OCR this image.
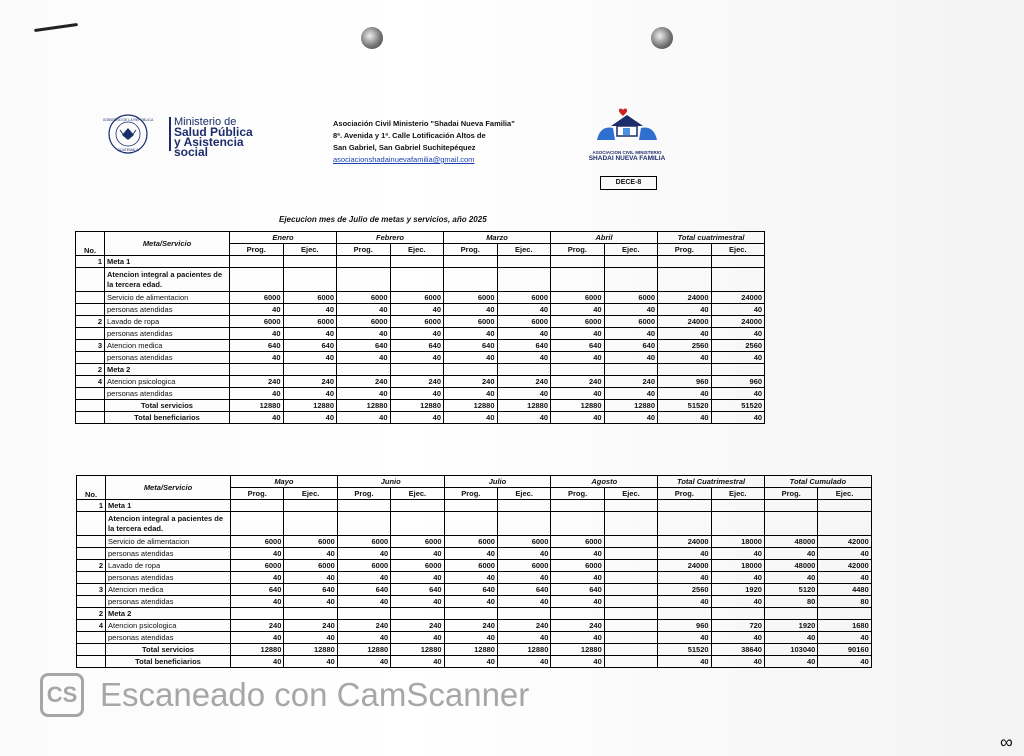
GOBIERNO DE LA REPÚBLICA
GUATEMALA
Ministerio de
Salud Pública
y Asistencia
social
Asociación Civil Ministerio "Shadai Nueva Familia"
8ª. Avenida y 1ª. Calle Lotificación Altos de
San Gabriel, San Gabriel Suchitepéquez
asociacionshadainuevafamilia@gmail.com
ASOCIACION CIVIL MINISTERIO
SHADAI NUEVA FAMILIA
DECE-8
Ejecucion mes de Julio de metas y servicios, año 2025
No.	Meta/Servicio	Enero		Febrero		Marzo		Abril		Total cuatrimestral	
		Prog.	Ejec.	Prog.	Ejec.	Prog.	Ejec.	Prog.	Ejec.	Prog.	Ejec.
1	Meta 1										
	Atencion integral a pacientes de la tercera edad.										
	Servicio de alimentacion	6000	6000	6000	6000	6000	6000	6000	6000	24000	24000
	personas atendidas	40	40	40	40	40	40	40	40	40	40
2	Lavado de ropa	6000	6000	6000	6000	6000	6000	6000	6000	24000	24000
	personas atendidas	40	40	40	40	40	40	40	40	40	40
3	Atencion medica	640	640	640	640	640	640	640	640	2560	2560
	personas atendidas	40	40	40	40	40	40	40	40	40	40
2	Meta 2										
4	Atencion psicologica	240	240	240	240	240	240	240	240	960	960
	personas atendidas	40	40	40	40	40	40	40	40	40	40
	Total servicios	12880	12880	12880	12880	12880	12880	12880	12880	51520	51520
	Total beneficiarios	40	40	40	40	40	40	40	40	40	40
No.	Meta/Servicio	Mayo		Junio		Julio		Agosto		Total Cuatrimestral		Total Cumulado	
		Prog.	Ejec.	Prog.	Ejec.	Prog.	Ejec.	Prog.	Ejec.	Prog.	Ejec.	Prog.	Ejec.
1	Meta 1												
	Atencion integral a pacientes de la tercera edad.												
	Servicio de alimentacion	6000	6000	6000	6000	6000	6000	6000		24000	18000	48000	42000
	personas atendidas	40	40	40	40	40	40	40		40	40	40	40
2	Lavado de ropa	6000	6000	6000	6000	6000	6000	6000		24000	18000	48000	42000
	personas atendidas	40	40	40	40	40	40	40		40	40	40	40
3	Atencion medica	640	640	640	640	640	640	640		2560	1920	5120	4480
	personas atendidas	40	40	40	40	40	40	40		40	40	80	80
2	Meta 2												
4	Atencion psicologica	240	240	240	240	240	240	240		960	720	1920	1680
	personas atendidas	40	40	40	40	40	40	40		40	40	40	40
	Total servicios	12880	12880	12880	12880	12880	12880	12880		51520	38640	103040	90160
	Total beneficiarios	40	40	40	40	40	40	40		40	40	40	40
CS Escaneado con CamScanner
∞
